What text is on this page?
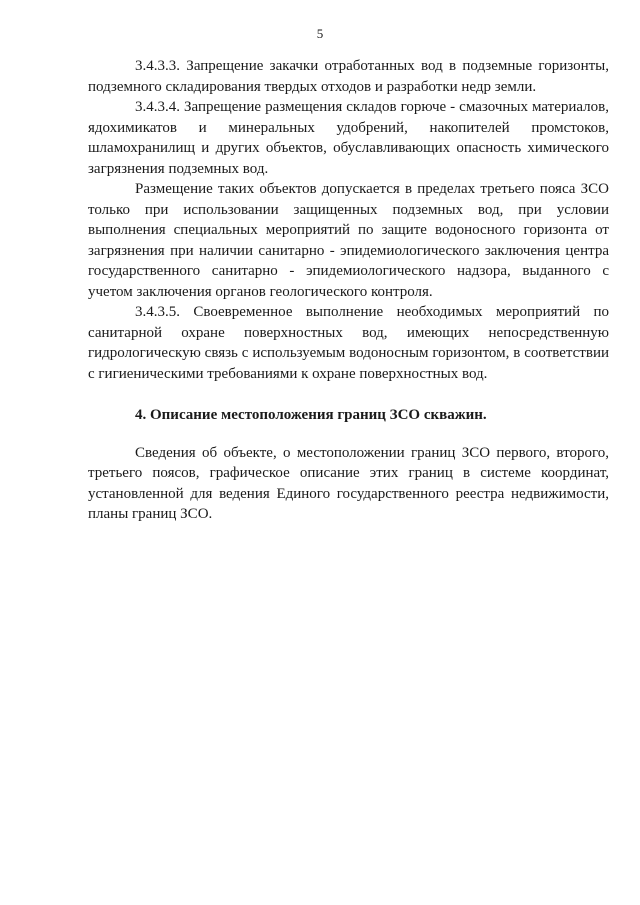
5

3.4.3.3. Запрещение закачки отработанных вод в подземные горизонты, подземного складирования твердых отходов и разработки недр земли.

3.4.3.4. Запрещение размещения складов горюче - смазочных материалов, ядохимикатов и минеральных удобрений, накопителей промстоков, шламохранилищ и других объектов, обуславливающих опасность химического загрязнения подземных вод.

Размещение таких объектов допускается в пределах третьего пояса ЗСО только при использовании защищенных подземных вод, при условии выполнения специальных мероприятий по защите водоносного горизонта от загрязнения при наличии санитарно - эпидемиологического заключения центра государственного санитарно - эпидемиологического надзора, выданного с учетом заключения органов геологического контроля.

3.4.3.5. Своевременное выполнение необходимых мероприятий по санитарной охране поверхностных вод, имеющих непосредственную гидрологическую связь с используемым водоносным горизонтом, в соответствии с гигиеническими требованиями к охране поверхностных вод.

4. Описание местоположения границ ЗСО скважин.

Сведения об объекте, о местоположении границ ЗСО первого, второго, третьего поясов, графическое описание этих границ в системе координат, установленной для ведения Единого государственного реестра недвижимости, планы границ ЗСО.
